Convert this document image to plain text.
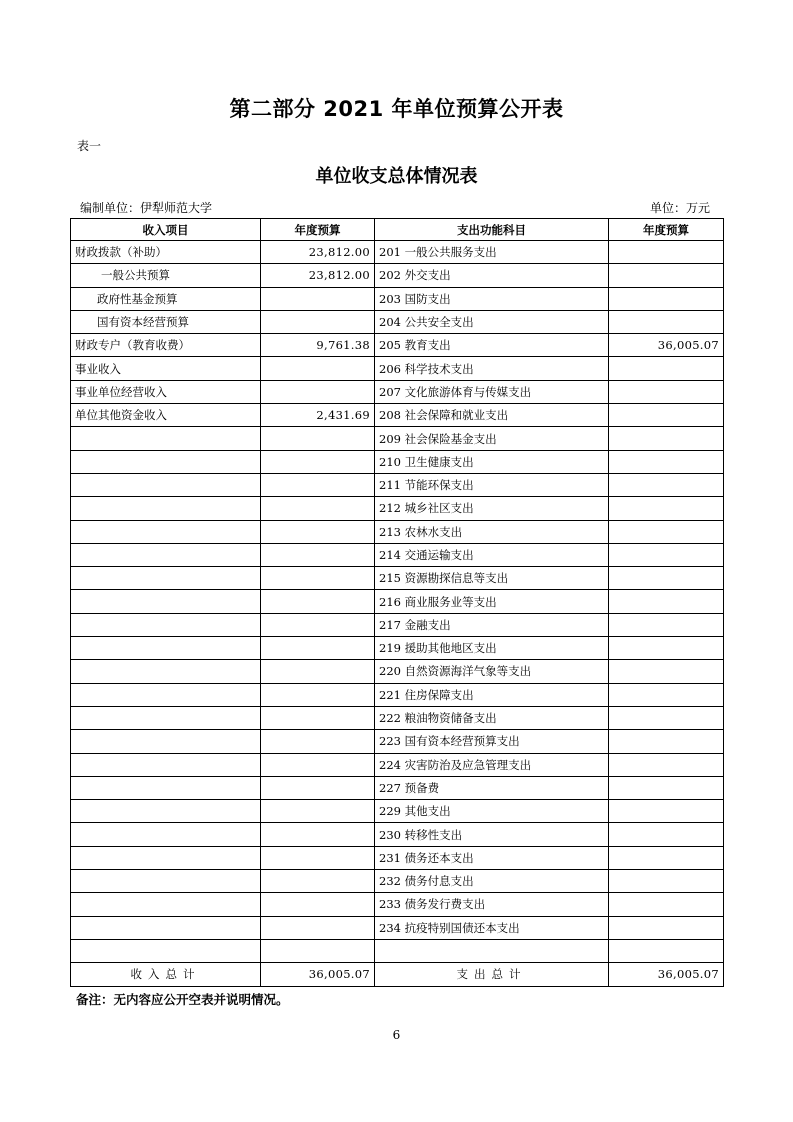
第二部分 2021 年单位预算公开表
表一
单位收支总体情况表
编制单位：伊犁师范大学	单位：万元
收入项目	年度预算	支出功能科目	年度预算
财政拨款（补助）	23,812.00	201 一般公共服务支出	
一般公共预算	23,812.00	202 外交支出	
政府性基金预算		203 国防支出	
国有资本经营预算		204 公共安全支出	
财政专户（教育收费）	9,761.38	205 教育支出	36,005.07
事业收入		206 科学技术支出	
事业单位经营收入		207 文化旅游体育与传媒支出	
单位其他资金收入	2,431.69	208 社会保障和就业支出	
		209 社会保险基金支出	
		210 卫生健康支出	
		211 节能环保支出	
		212 城乡社区支出	
		213 农林水支出	
		214 交通运输支出	
		215 资源勘探信息等支出	
		216 商业服务业等支出	
		217 金融支出	
		219 援助其他地区支出	
		220 自然资源海洋气象等支出	
		221 住房保障支出	
		222 粮油物资储备支出	
		223 国有资本经营预算支出	
		224 灾害防治及应急管理支出	
		227 预备费	
		229 其他支出	
		230 转移性支出	
		231 债务还本支出	
		232 债务付息支出	
		233 债务发行费支出	
		234 抗疫特别国债还本支出	

收入总计	36,005.07	支出总计	36,005.07
备注：无内容应公开空表并说明情况。
6
